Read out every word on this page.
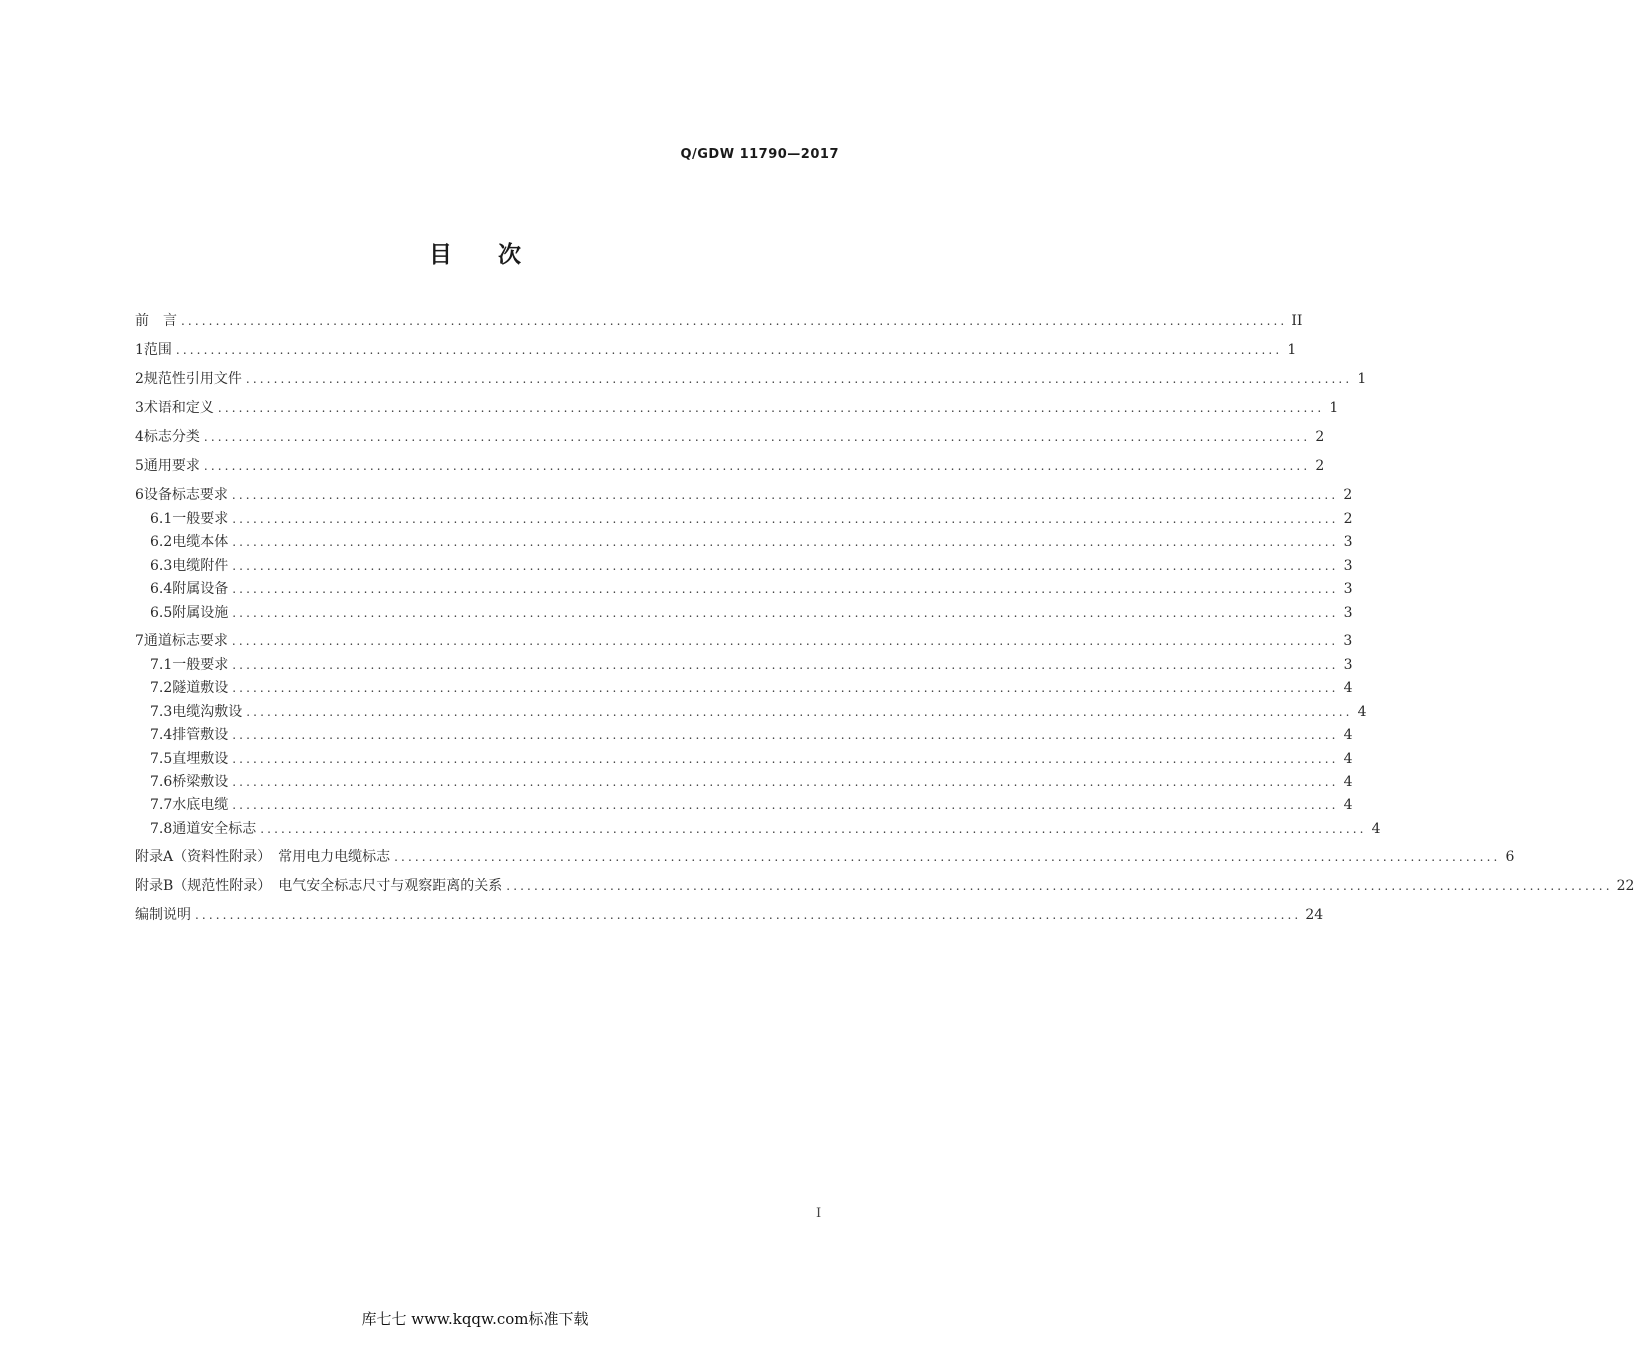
Q/GDW 11790—2017
目次
前　言 ................................................................................................................................................................ II
1 范围 ................................................................................................................................................................ 1
2 规范性引用文件 ................................................................................................................................................................ 1
3 术语和定义 ................................................................................................................................................................ 1
4 标志分类 ................................................................................................................................................................ 2
5 通用要求 ................................................................................................................................................................ 2
6 设备标志要求 ................................................................................................................................................................ 2
6.1 一般要求 ................................................................................................................................................................ 2
6.2 电缆本体 ................................................................................................................................................................ 3
6.3 电缆附件 ................................................................................................................................................................ 3
6.4 附属设备 ................................................................................................................................................................ 3
6.5 附属设施 ................................................................................................................................................................ 3
7 通道标志要求 ................................................................................................................................................................ 3
7.1 一般要求 ................................................................................................................................................................ 3
7.2 隧道敷设 ................................................................................................................................................................ 4
7.3 电缆沟敷设 ................................................................................................................................................................ 4
7.4 排管敷设 ................................................................................................................................................................ 4
7.5 直埋敷设 ................................................................................................................................................................ 4
7.6 桥梁敷设 ................................................................................................................................................................ 4
7.7 水底电缆 ................................................................................................................................................................ 4
7.8 通道安全标志 ................................................................................................................................................................ 4
附录A（资料性附录）　常用电力电缆标志 ................................................................................................................................................................ 6
附录B（规范性附录）　电气安全标志尺寸与观察距离的关系 ................................................................................................................................................................ 22
编制说明 ................................................................................................................................................................ 24
I
库七七 www.kqqw.com标准下载
